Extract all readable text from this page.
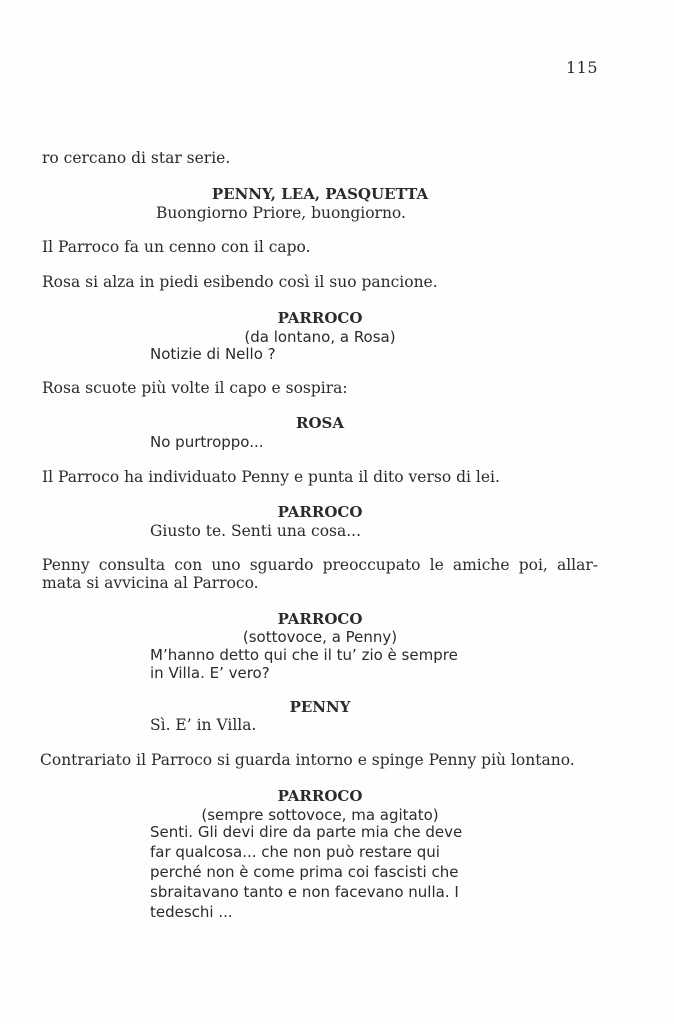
115
ro cercano di star serie.
PENNY, LEA, PASQUETTA
Buongiorno Priore, buongiorno.
Il Parroco fa un cenno con il capo.
Rosa si alza in piedi esibendo così il suo pancione.
PARROCO
(da lontano, a Rosa)
Notizie di Nello ?
Rosa scuote più volte il capo e sospira:
ROSA
No purtroppo...
Il Parroco ha individuato Penny e punta il dito verso di lei.
PARROCO
Giusto te. Senti una cosa...
Penny consulta con uno sguardo preoccupato le amiche poi, allar-
mata si avvicina al Parroco.
PARROCO
(sottovoce, a Penny)
M’hanno detto qui che il tu’ zio è sempre
in Villa. E’ vero?
PENNY
Sì. E’ in Villa.
Contrariato il Parroco si guarda intorno e spinge Penny più lontano.
PARROCO
(sempre sottovoce, ma agitato)
Senti. Gli devi dire da parte mia che deve
far qualcosa... che non può restare qui
perché non è come prima coi fascisti che
sbraitavano tanto e non facevano nulla. I
tedeschi ...
